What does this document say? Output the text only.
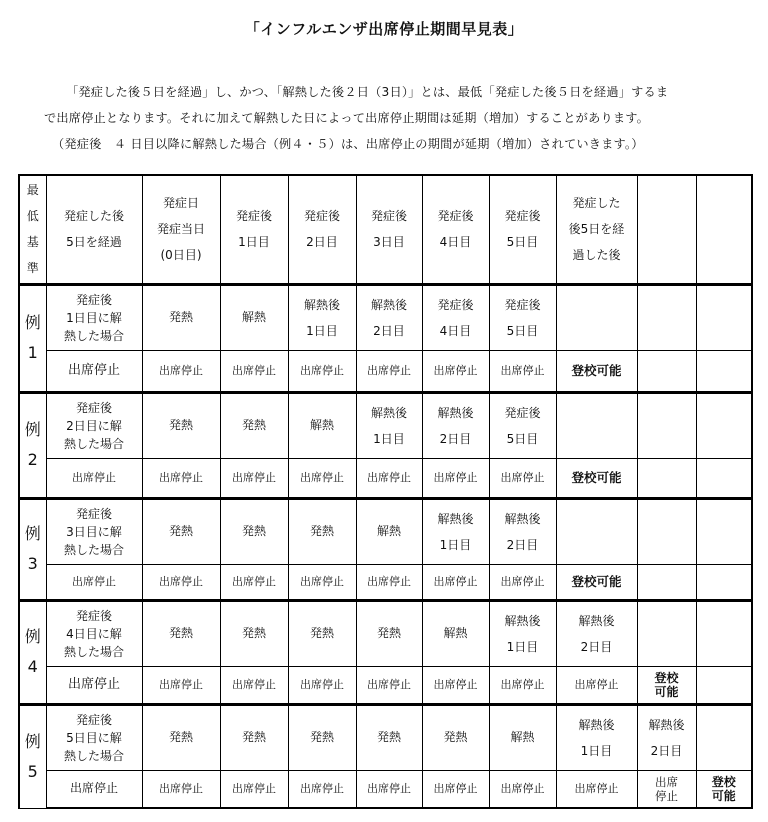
「インフルエンザ出席停止期間早見表」

「発症した後５日を経過」し、かつ、「解熱した後２日（3日）」とは、最低「発症した後５日を経過」するま

で出席停止となります。それに加えて解熱した日によって出席停止期間は延期（増加）することがあります。

（発症後　４ 日目以降に解熱した場合（例４・５）は、出席停止の期間が延期（増加）されていきます。）

最
低
基
準	発症した後
5日を経過	発症日
発症当日
(0日目)	発症後
1日目	発症後
2日目	発症後
3日目	発症後
4日目	発症後
5日目	発症した
後5日を経
過した後		

例
1	発症後
1日目に解
熱した場合	発熱	解熱	解熱後
1日目	解熱後
2日目	発症後
4日目	発症後
5日目			
	出席停止	出席停止	出席停止	出席停止	出席停止	出席停止	出席停止	登校可能		

例
2	発症後
2日目に解
熱した場合	発熱	発熱	解熱	解熱後
1日目	解熱後
2日目	発症後
5日目			
	出席停止	出席停止	出席停止	出席停止	出席停止	出席停止	出席停止	登校可能		

例
3	発症後
3日目に解
熱した場合	発熱	発熱	発熱	解熱	解熱後
1日目	解熱後
2日目			
	出席停止	出席停止	出席停止	出席停止	出席停止	出席停止	出席停止	登校可能		

例
4	発症後
4日目に解
熱した場合	発熱	発熱	発熱	発熱	解熱	解熱後
1日目	解熱後
2日目		
	出席停止	出席停止	出席停止	出席停止	出席停止	出席停止	出席停止	出席停止	登校
可能	

例
5	発症後
5日目に解
熱した場合	発熱	発熱	発熱	発熱	発熱	解熱	解熱後
1日目	解熱後
2日目	
	出席停止	出席停止	出席停止	出席停止	出席停止	出席停止	出席停止	出席停止	出席
停止	登校
可能
